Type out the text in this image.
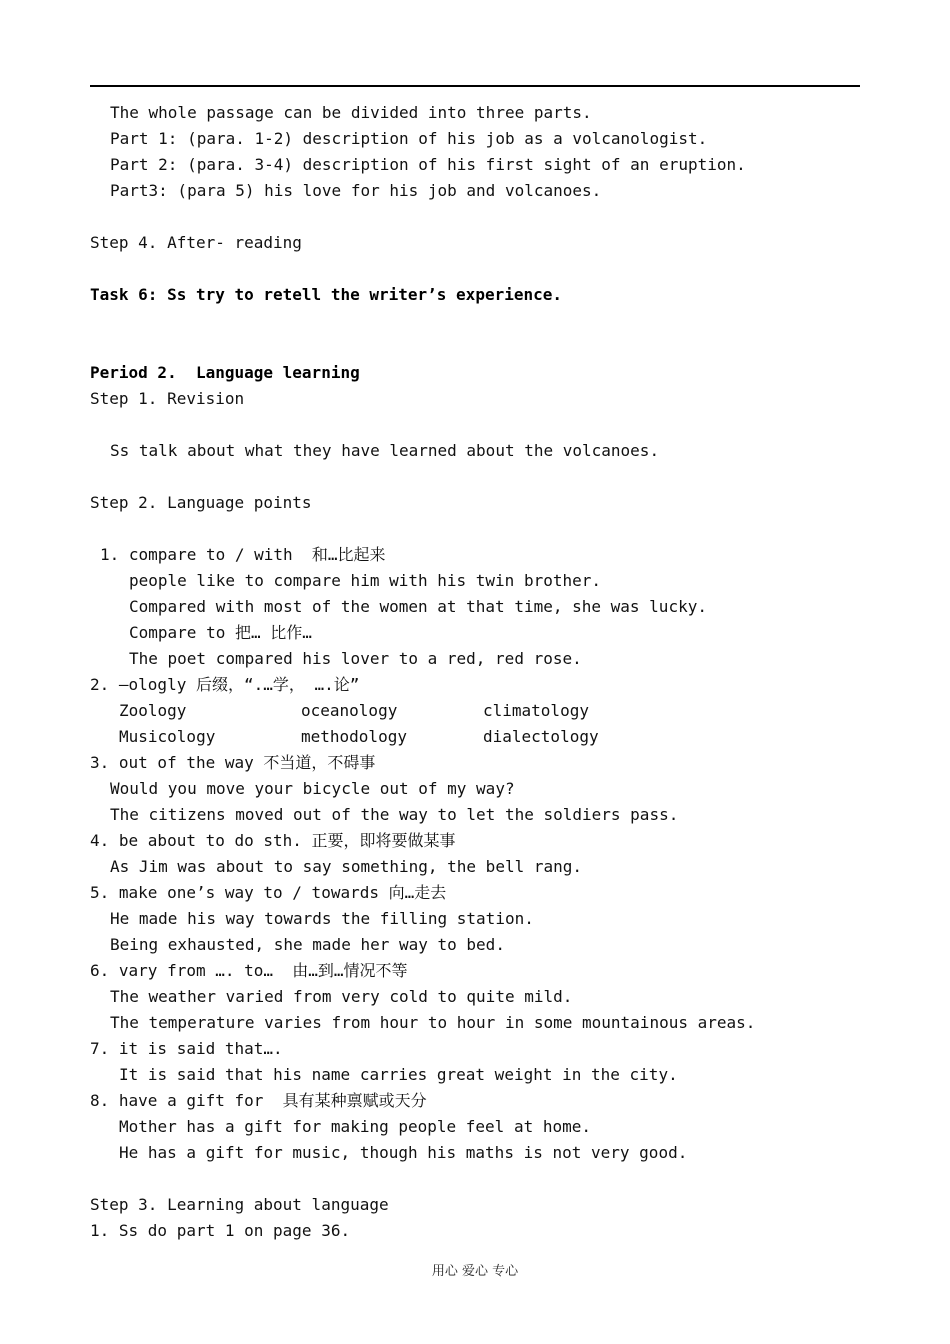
The whole passage can be divided into three parts.
Part 1: (para. 1-2) description of his job as a volcanologist.
Part 2: (para. 3-4) description of his first sight of an eruption.
Part3: (para 5) his love for his job and volcanoes.
Step 4. After- reading
Task 6: Ss try to retell the writer’s experience.
Period 2.  Language learning
Step 1. Revision
Ss talk about what they have learned about the volcanoes.
Step 2. Language points
1. compare to / with  和…比起来
people like to compare him with his twin brother.
Compared with most of the women at that time, she was lucky.
Compare to 把… 比作…
The poet compared his lover to a red, red rose.
2. –ologly 后缀，“.…学， ….论”
Zoology	oceanology	climatology
Musicology	methodology	dialectology
3. out of the way 不当道，不碍事
Would you move your bicycle out of my way?
The citizens moved out of the way to let the soldiers pass.
4. be about to do sth. 正要，即将要做某事
As Jim was about to say something, the bell rang.
5. make one’s way to / towards 向…走去
He made his way towards the filling station.
Being exhausted, she made her way to bed.
6. vary from …. to…  由…到…情况不等
The weather varied from very cold to quite mild.
The temperature varies from hour to hour in some mountainous areas.
7. it is said that….
It is said that his name carries great weight in the city.
8. have a gift for  具有某种禀赋或天分
Mother has a gift for making people feel at home.
He has a gift for music, though his maths is not very good.
Step 3. Learning about language
1. Ss do part 1 on page 36.
用心 爱心 专心
